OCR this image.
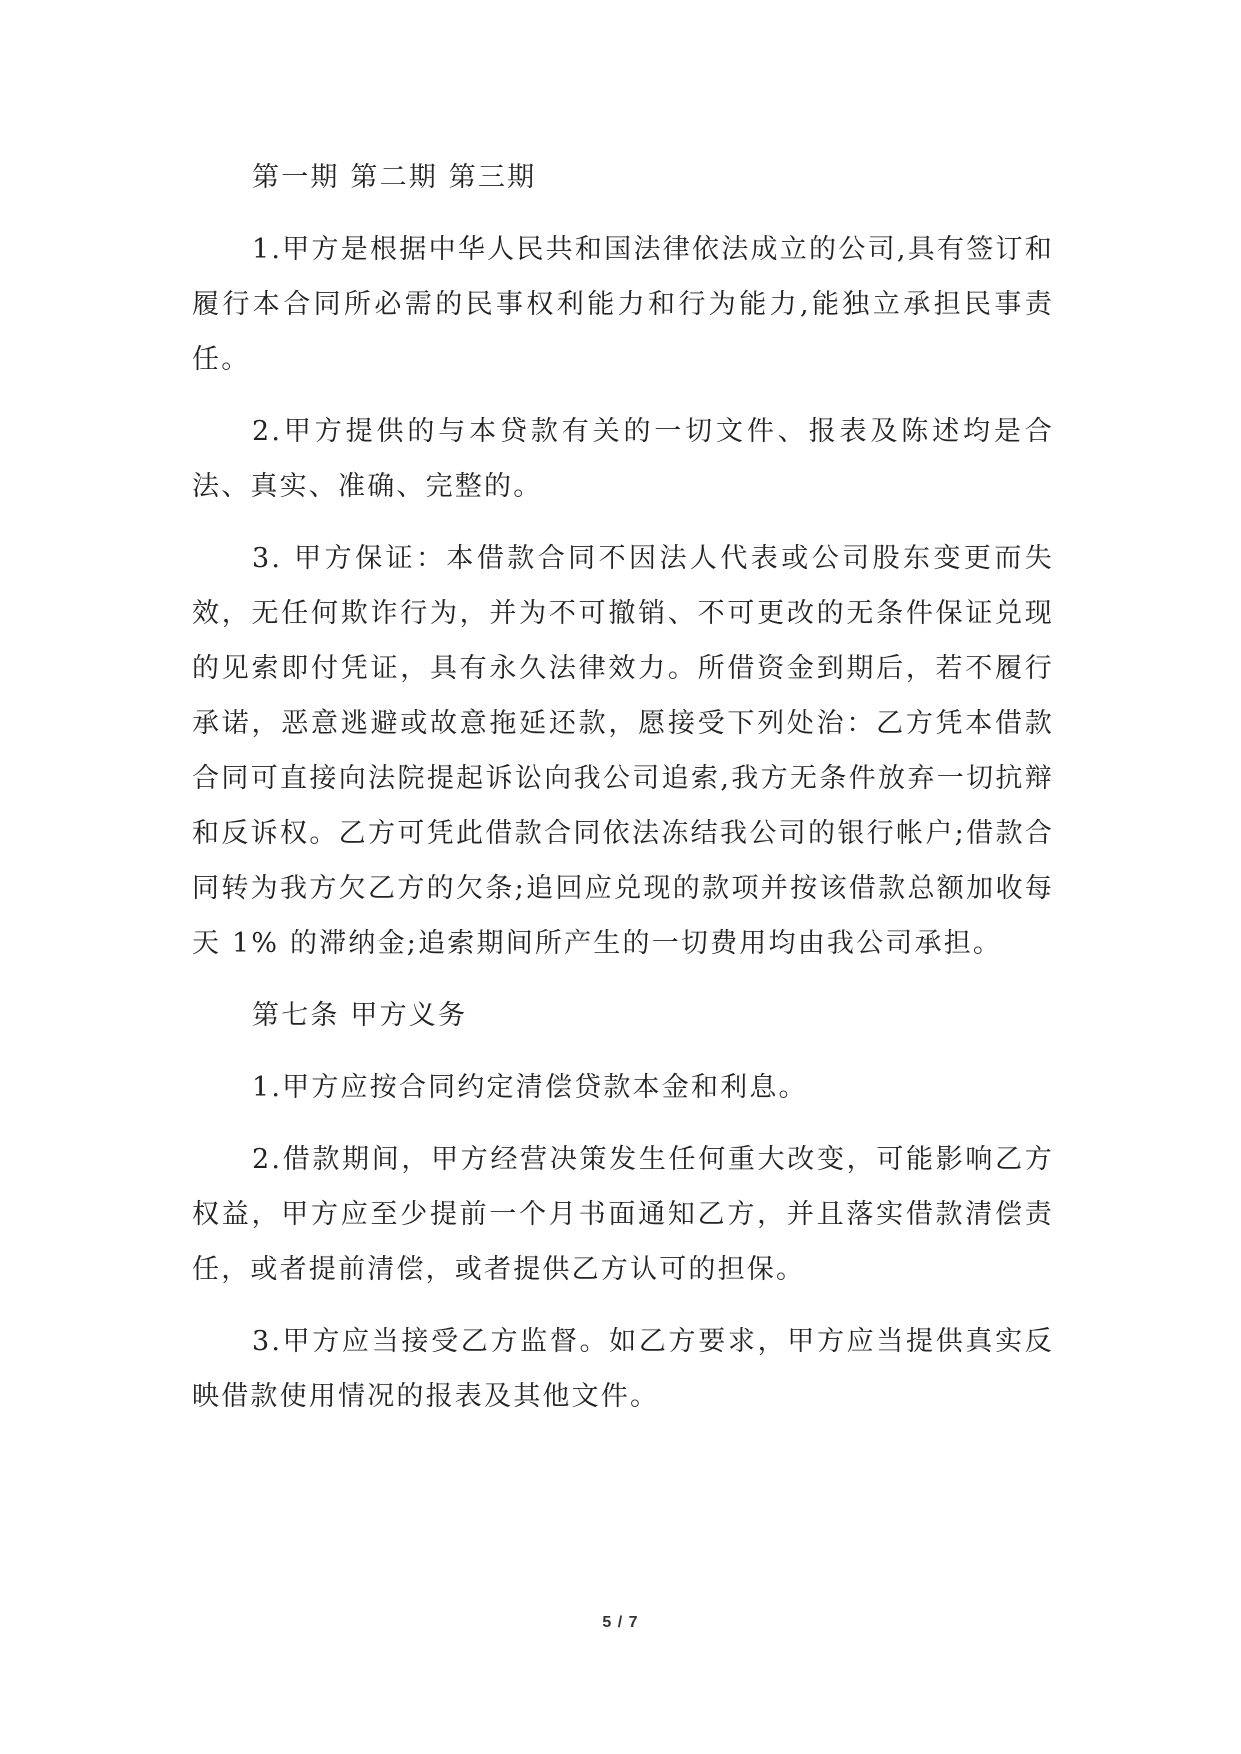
第一期 第二期 第三期

1.甲方是根据中华人民共和国法律依法成立的公司,具有签订和履行本合同所必需的民事权利能力和行为能力,能独立承担民事责任。

2.甲方提供的与本贷款有关的一切文件、报表及陈述均是合法、真实、准确、完整的。

3. 甲方保证：本借款合同不因法人代表或公司股东变更而失效，无任何欺诈行为，并为不可撤销、不可更改的无条件保证兑现的见索即付凭证，具有永久法律效力。所借资金到期后，若不履行承诺，恶意逃避或故意拖延还款，愿接受下列处治：乙方凭本借款合同可直接向法院提起诉讼向我公司追索,我方无条件放弃一切抗辩和反诉权。乙方可凭此借款合同依法冻结我公司的银行帐户;借款合同转为我方欠乙方的欠条;追回应兑现的款项并按该借款总额加收每天 1% 的滞纳金;追索期间所产生的一切费用均由我公司承担。

第七条 甲方义务

1.甲方应按合同约定清偿贷款本金和利息。

2.借款期间，甲方经营决策发生任何重大改变，可能影响乙方权益，甲方应至少提前一个月书面通知乙方，并且落实借款清偿责任，或者提前清偿，或者提供乙方认可的担保。

3.甲方应当接受乙方监督。如乙方要求，甲方应当提供真实反映借款使用情况的报表及其他文件。

5 / 7
